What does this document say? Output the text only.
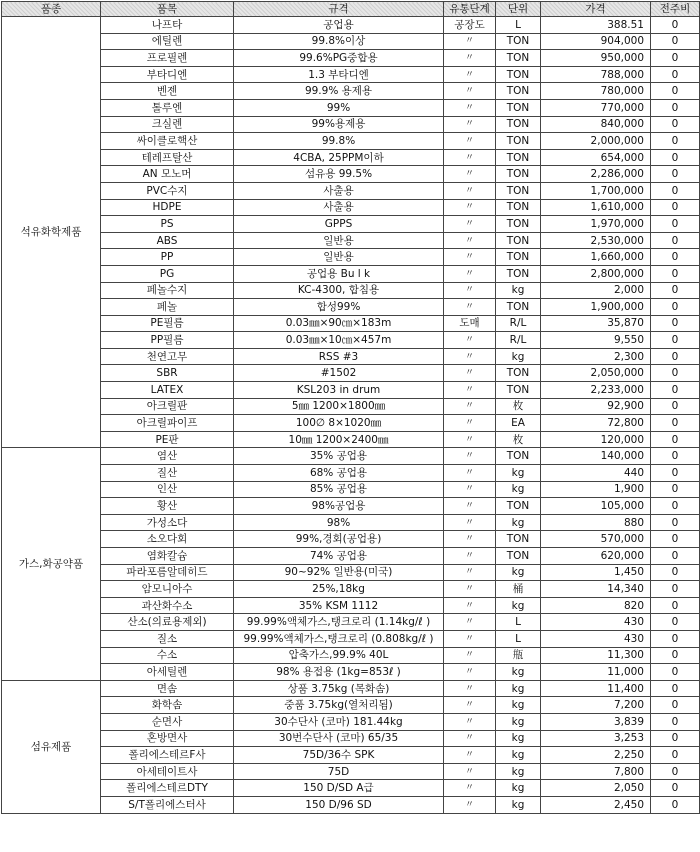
품종	품목	규격	유통단계	단위	가격	전주비
석유화학제품	나프타	공업용	공장도	L	388.51	0
	에틸렌	99.8%이상	〃	TON	904,000	0
	프로필렌	99.6%PG중합용	〃	TON	950,000	0
	부타디엔	1.3 부타디엔	〃	TON	788,000	0
	벤젠	99.9% 용제용	〃	TON	780,000	0
	톨루엔	99%	〃	TON	770,000	0
	크실렌	99%용제용	〃	TON	840,000	0
	싸이클로핵산	99.8%	〃	TON	2,000,000	0
	테레프탈산	4CBA, 25PPM이하	〃	TON	654,000	0
	AN 모노머	섬유용 99.5%	〃	TON	2,286,000	0
	PVC수지	사출용	〃	TON	1,700,000	0
	HDPE	사출용	〃	TON	1,610,000	0
	PS	GPPS	〃	TON	1,970,000	0
	ABS	일반용	〃	TON	2,530,000	0
	PP	일반용	〃	TON	1,660,000	0
	PG	공업용 Bu l k	〃	TON	2,800,000	0
	페놀수지	KC-4300, 합침용	〃	kg	2,000	0
	페놀	합성99%	〃	TON	1,900,000	0
	PE필름	0.03㎜×90㎝×183m	도매	R/L	35,870	0
	PP필름	0.03㎜×10㎝×457m	〃	R/L	9,550	0
	천연고무	RSS #3	〃	kg	2,300	0
	SBR	#1502	〃	TON	2,050,000	0
	LATEX	KSL203 in drum	〃	TON	2,233,000	0
	아크릴판	5㎜ 1200×1800㎜	〃	枚	92,900	0
	아크릴파이프	100∅ 8×1020㎜	〃	EA	72,800	0
	PE판	10㎜ 1200×2400㎜	〃	枚	120,000	0
가스,화공약품	염산	35% 공업용	〃	TON	140,000	0
	질산	68% 공업용	〃	kg	440	0
	인산	85% 공업용	〃	kg	1,900	0
	황산	98%공업용	〃	TON	105,000	0
	가성소다	98%	〃	kg	880	0
	소오다회	99%,경회(공업용)	〃	TON	570,000	0
	염화칼슘	74% 공업용	〃	TON	620,000	0
	파라포름알데히드	90~92% 일반용(미국)	〃	kg	1,450	0
	암모니아수	25%,18kg	〃	桶	14,340	0
	과산화수소	35% KSM 1112	〃	kg	820	0
	산소(의료용제외)	99.99%액체가스,탱크로리 (1.14kg/ℓ )	〃	L	430	0
	질소	99.99%액체가스,탱크로리 (0.808kg/ℓ )	〃	L	430	0
	수소	압축가스,99.9% 40L	〃	甁	11,300	0
	아세틸렌	98% 용접용 (1kg=853ℓ )	〃	kg	11,000	0
섬유제품	면솜	상품 3.75kg (목화솜)	〃	kg	11,400	0
	화학솜	중품 3.75kg(열처리됨)	〃	kg	7,200	0
	순면사	30수단사 (코마) 181.44kg	〃	kg	3,839	0
	혼방면사	30번수단사 (코마) 65/35	〃	kg	3,253	0
	폴리에스테르F사	75D/36수 SPK	〃	kg	2,250	0
	아세테이트사	75D	〃	kg	7,800	0
	폴리에스테르DTY	150 D/SD A급	〃	kg	2,050	0
	S/T폴리에스터사	150 D/96 SD	〃	kg	2,450	0
